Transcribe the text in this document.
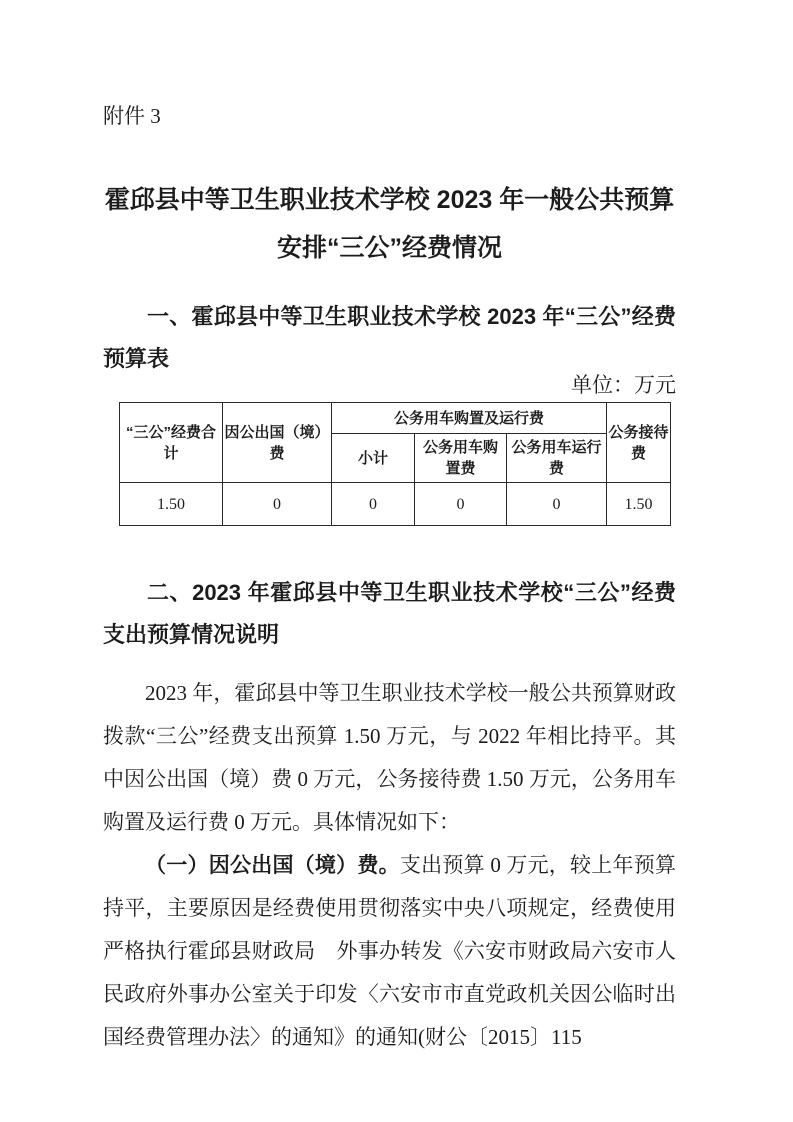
附件 3
霍邱县中等卫生职业技术学校 2023 年一般公共预算
安排“三公”经费情况
一、霍邱县中等卫生职业技术学校 2023 年“三公”经费预算表
单位：万元
“三公”经费合计	因公出国（境）费	公务用车购置及运行费			公务接待费
		小计	公务用车购置费	公务用车运行费	
1.50	0	0	0	0	1.50
二、2023 年霍邱县中等卫生职业技术学校“三公”经费支出预算情况说明

2023 年，霍邱县中等卫生职业技术学校一般公共预算财政拨款“三公”经费支出预算 1.50 万元，与 2022 年相比持平。其中因公出国（境）费 0 万元，公务接待费 1.50 万元，公务用车购置及运行费 0 万元。具体情况如下：

（一）因公出国（境）费。支出预算 0 万元，较上年预算持平，主要原因是经费使用贯彻落实中央八项规定，经费使用严格执行霍邱县财政局　外事办转发《六安市财政局六安市人民政府外事办公室关于印发〈六安市市直党政机关因公临时出国经费管理办法〉的通知》的通知(财公〔2015〕115
